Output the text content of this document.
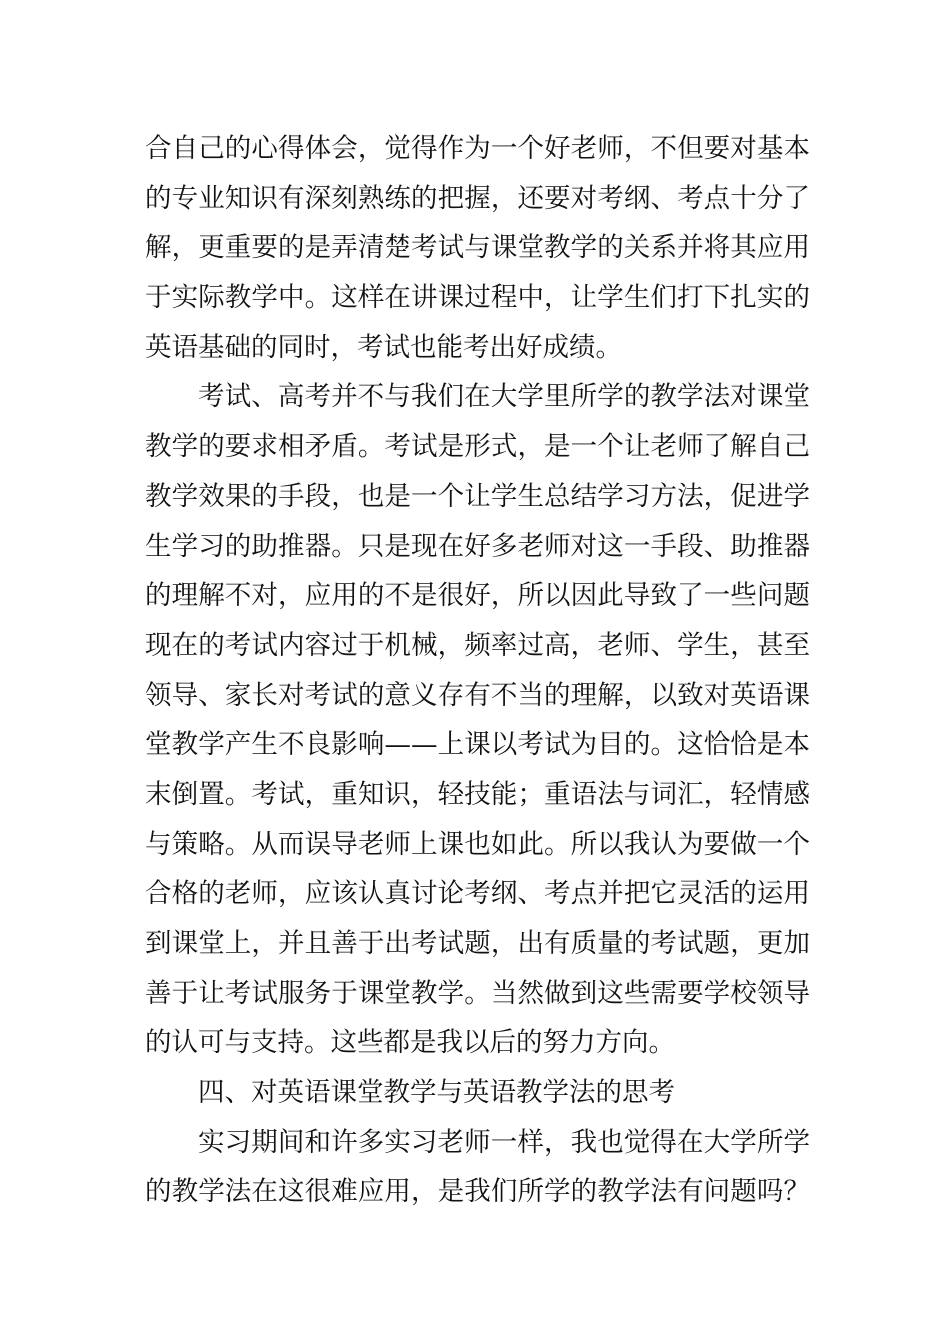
合自己的心得体会，觉得作为一个好老师，不但要对基本
的专业知识有深刻熟练的把握，还要对考纲、考点十分了
解，更重要的是弄清楚考试与课堂教学的关系并将其应用
于实际教学中。这样在讲课过程中，让学生们打下扎实的
英语基础的同时，考试也能考出好成绩。
考试、高考并不与我们在大学里所学的教学法对课堂
教学的要求相矛盾。考试是形式，是一个让老师了解自己
教学效果的手段，也是一个让学生总结学习方法，促进学
生学习的助推器。只是现在好多老师对这一手段、助推器
的理解不对，应用的不是很好，所以因此导致了一些问题
现在的考试内容过于机械，频率过高，老师、学生，甚至
领导、家长对考试的意义存有不当的理解，以致对英语课
堂教学产生不良影响——上课以考试为目的。这恰恰是本
末倒置。考试，重知识，轻技能；重语法与词汇，轻情感
与策略。从而误导老师上课也如此。所以我认为要做一个
合格的老师，应该认真讨论考纲、考点并把它灵活的运用
到课堂上，并且善于出考试题，出有质量的考试题，更加
善于让考试服务于课堂教学。当然做到这些需要学校领导
的认可与支持。这些都是我以后的努力方向。
四、对英语课堂教学与英语教学法的思考
实习期间和许多实习老师一样，我也觉得在大学所学
的教学法在这很难应用，是我们所学的教学法有问题吗？
